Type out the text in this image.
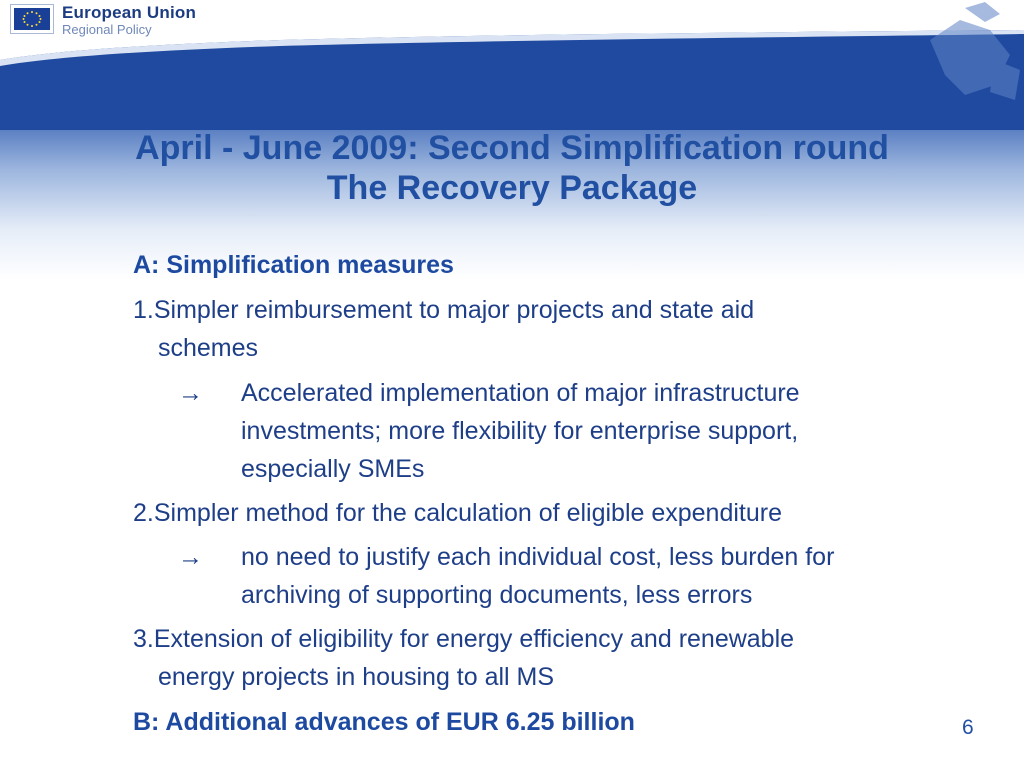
European Union
Regional Policy
April - June 2009: Second Simplification round
The Recovery Package
A: Simplification measures
1.Simpler reimbursement to major projects and state aid
schemes
→ Accelerated implementation of major infrastructure
investments; more flexibility for enterprise support,
especially SMEs
2.Simpler method for the calculation of eligible expenditure
→ no need to justify each individual cost, less burden for
archiving of supporting documents, less errors
3.Extension of eligibility for energy efficiency and renewable
energy projects in housing to all MS
B: Additional advances of EUR 6.25 billion	6
